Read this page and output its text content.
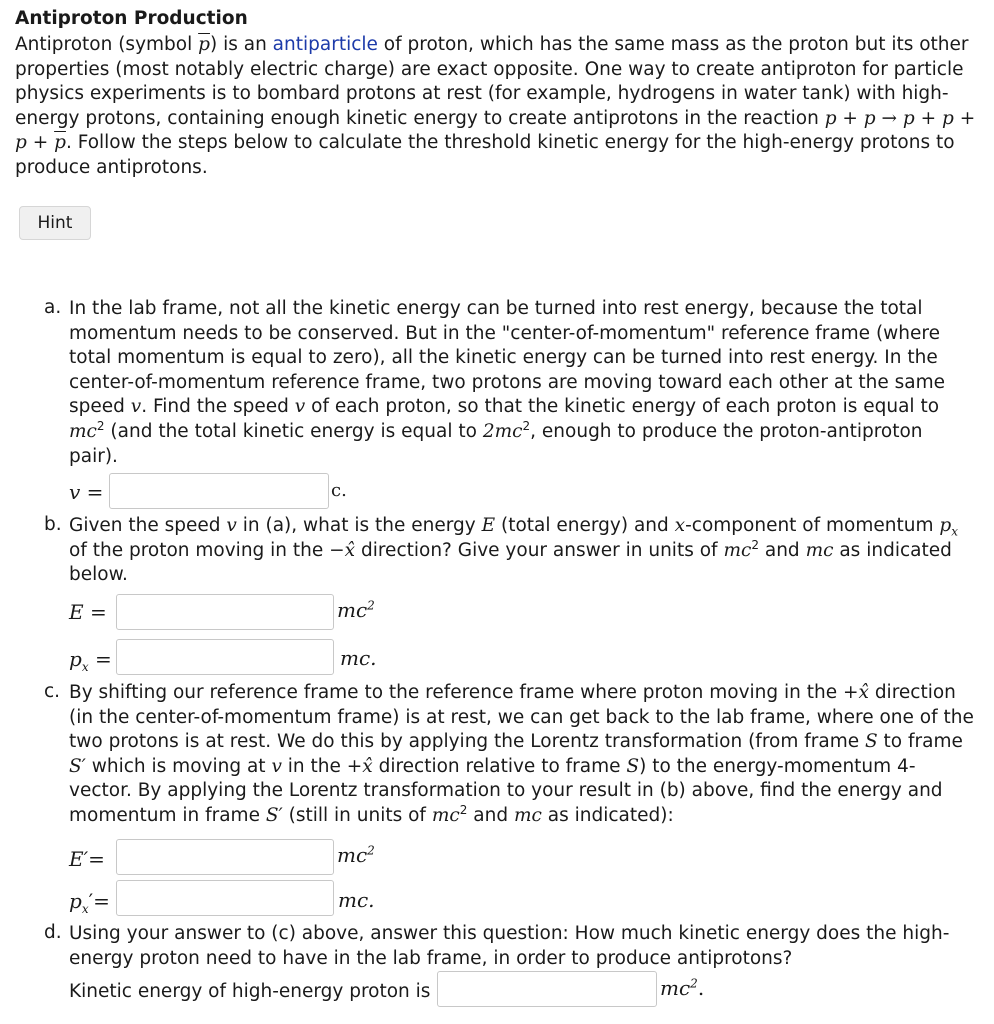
Antiproton Production
Antiproton (symbol $\overline{p}$) is an antiparticle of proton, which has the same mass as the proton but its other properties (most notably electric charge) are exact opposite. One way to create antiproton for particle physics experiments is to bombard protons at rest (for example, hydrogens in water tank) with high-energy protons, containing enough kinetic energy to create antiprotons in the reaction $p + p \to p + p + p + \overline{p}$. Follow the steps below to calculate the threshold kinetic energy for the high-energy protons to produce antiprotons.
Hint
a. In the lab frame, not all the kinetic energy can be turned into rest energy, because the total momentum needs to be conserved. But in the "center-of-momentum" reference frame (where total momentum is equal to zero), all the kinetic energy can be turned into rest energy. In the center-of-momentum reference frame, two protons are moving toward each other at the same speed v. Find the speed v of each proton, so that the kinetic energy of each proton is equal to $mc^2$ (and the total kinetic energy is equal to $2mc^2$, enough to produce the proton-antiproton pair).
v =	c.
b. Given the speed v in (a), what is the energy E (total energy) and x-component of momentum $p_x$ of the proton moving in the −x̂ direction? Give your answer in units of $mc^2$ and mc as indicated below.
E =	$mc^2$
$p_x$ =	mc.
c. By shifting our reference frame to the reference frame where proton moving in the +x̂ direction (in the center-of-momentum frame) is at rest, we can get back to the lab frame, where one of the two protons is at rest. We do this by applying the Lorentz transformation (from frame S to frame S′ which is moving at v in the +x̂ direction relative to frame S) to the energy-momentum 4-vector. By applying the Lorentz transformation to your result in (b) above, find the energy and momentum in frame S′ (still in units of $mc^2$ and mc as indicated):
E′=	$mc^2$
$p_x'=$	mc.
d. Using your answer to (c) above, answer this question: How much kinetic energy does the high-energy proton need to have in the lab frame, in order to produce antiprotons?
Kinetic energy of high-energy proton is	$mc^2$.
